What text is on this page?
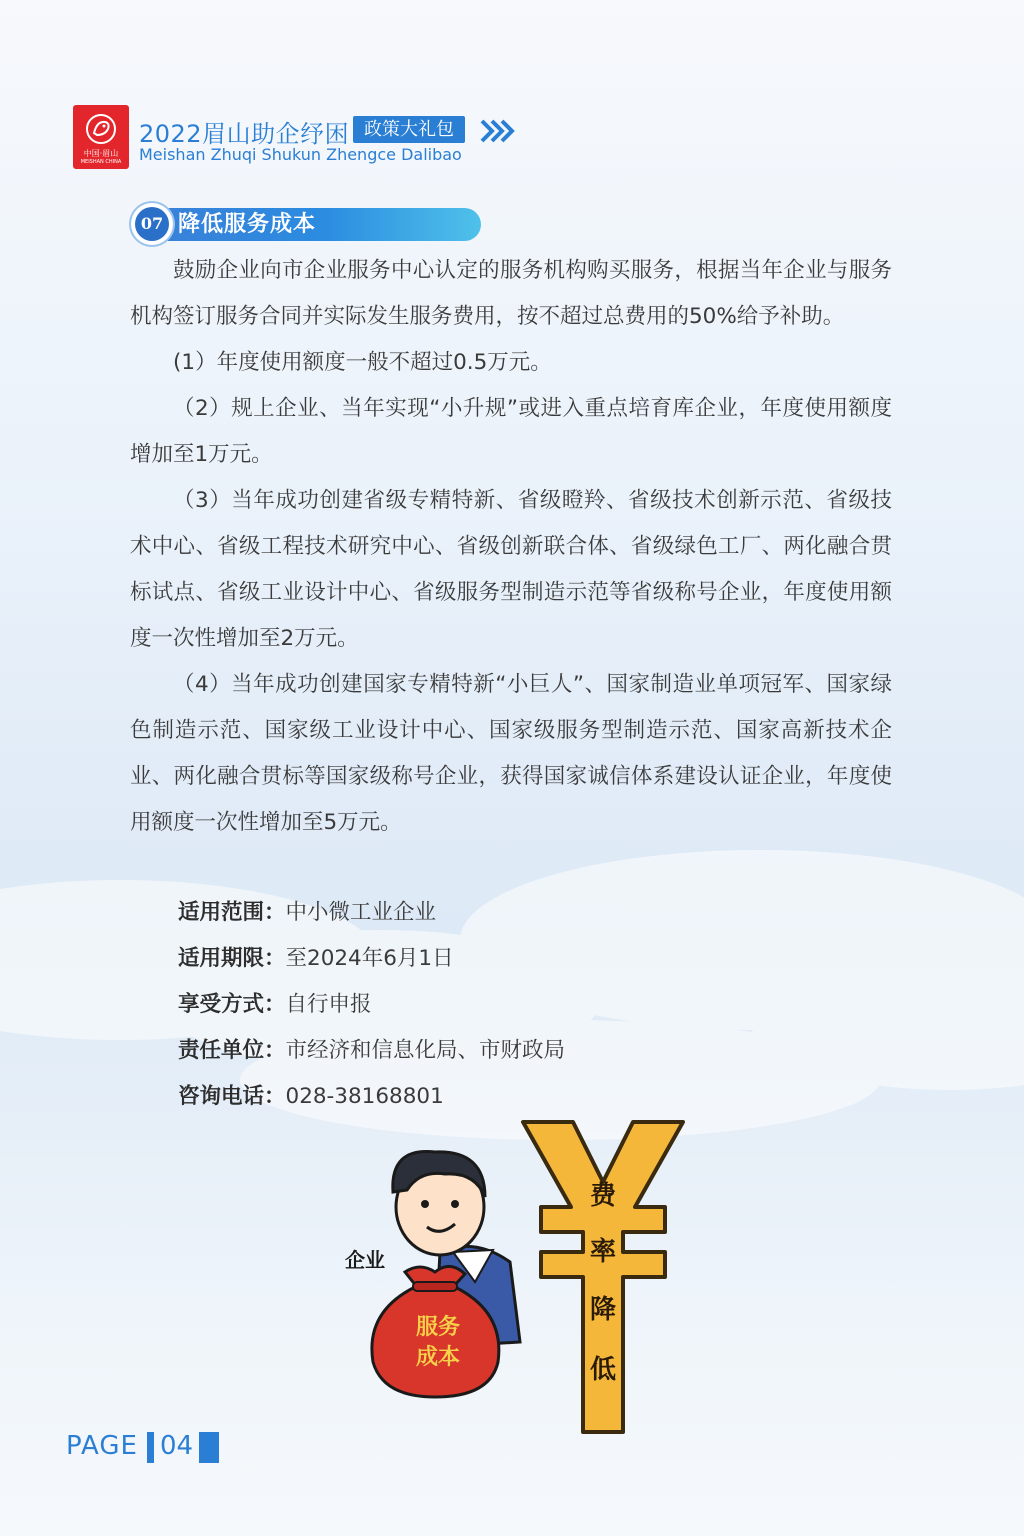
中国·眉山
MEISHAN CHINA
2022眉山助企纾困 政策大礼包
Meishan Zhuqi Shukun Zhengce Dalibao
07 降低服务成本

鼓励企业向市企业服务中心认定的服务机构购买服务，根据当年企业与服务机构签订服务合同并实际发生服务费用，按不超过总费用的50%给予补助。

(1）年度使用额度一般不超过0.5万元。

（2）规上企业、当年实现“小升规”或进入重点培育库企业，年度使用额度增加至1万元。

（3）当年成功创建省级专精特新、省级瞪羚、省级技术创新示范、省级技术中心、省级工程技术研究中心、省级创新联合体、省级绿色工厂、两化融合贯标试点、省级工业设计中心、省级服务型制造示范等省级称号企业，年度使用额度一次性增加至2万元。

（4）当年成功创建国家专精特新“小巨人”、国家制造业单项冠军、国家绿色制造示范、国家级工业设计中心、国家级服务型制造示范、国家高新技术企业、两化融合贯标等国家级称号企业，获得国家诚信体系建设认证企业，年度使用额度一次性增加至5万元。

适用范围：中小微工业企业
适用期限：至2024年6月1日
享受方式：自行申报
责任单位：市经济和信息化局、市财政局
咨询电话：028-38168801
费
率
降
低
服务
成本
企业
PAGE 04
